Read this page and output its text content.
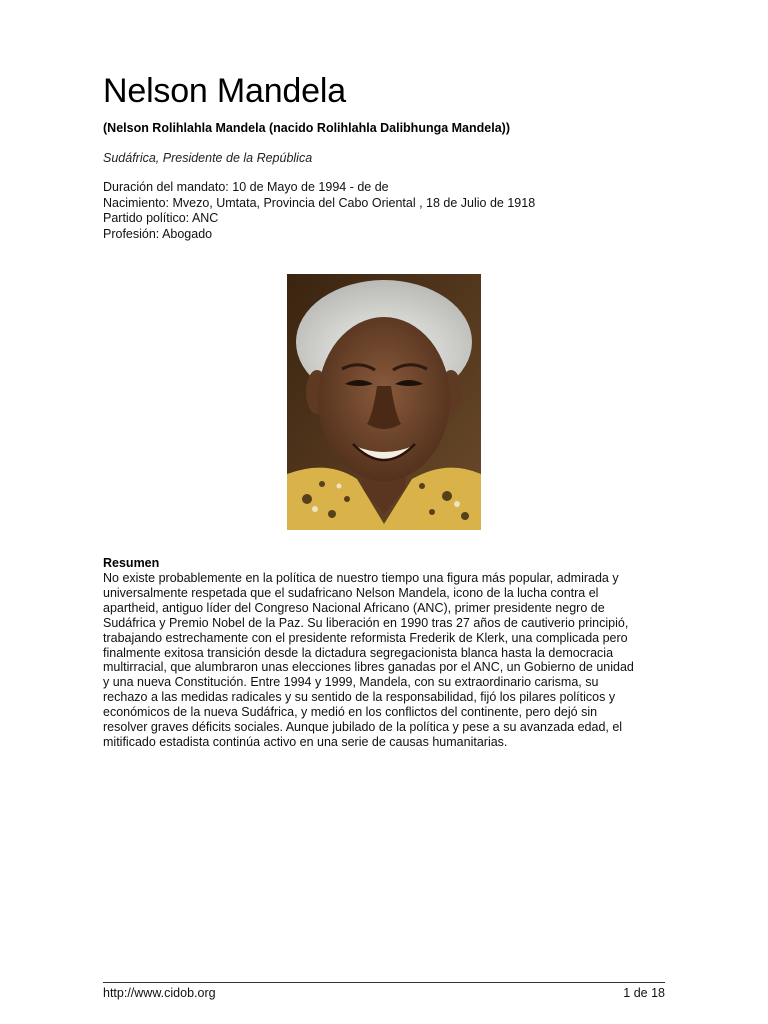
Nelson Mandela
(Nelson Rolihlahla Mandela (nacido Rolihlahla Dalibhunga Mandela))
Sudáfrica, Presidente de la República
Duración del mandato: 10 de Mayo de 1994 - de de
Nacimiento: Mvezo, Umtata, Provincia del Cabo Oriental , 18 de Julio de 1918
Partido político: ANC
Profesión: Abogado
Resumen
No existe probablemente en la política de nuestro tiempo una figura más popular, admirada y
universalmente respetada que el sudafricano Nelson Mandela, icono de la lucha contra el
apartheid, antiguo líder del Congreso Nacional Africano (ANC), primer presidente negro de
Sudáfrica y Premio Nobel de la Paz. Su liberación en 1990 tras 27 años de cautiverio principió,
trabajando estrechamente con el presidente reformista Frederik de Klerk, una complicada pero
finalmente exitosa transición desde la dictadura segregacionista blanca hasta la democracia
multirracial, que alumbraron unas elecciones libres ganadas por el ANC, un Gobierno de unidad
y una nueva Constitución. Entre 1994 y 1999, Mandela, con su extraordinario carisma, su
rechazo a las medidas radicales y su sentido de la responsabilidad, fijó los pilares políticos y
económicos de la nueva Sudáfrica, y medió en los conflictos del continente, pero dejó sin
resolver graves déficits sociales. Aunque jubilado de la política y pese a su avanzada edad, el
mitificado estadista continúa activo en una serie de causas humanitarias.
http://www.cidob.org	1 de 18
